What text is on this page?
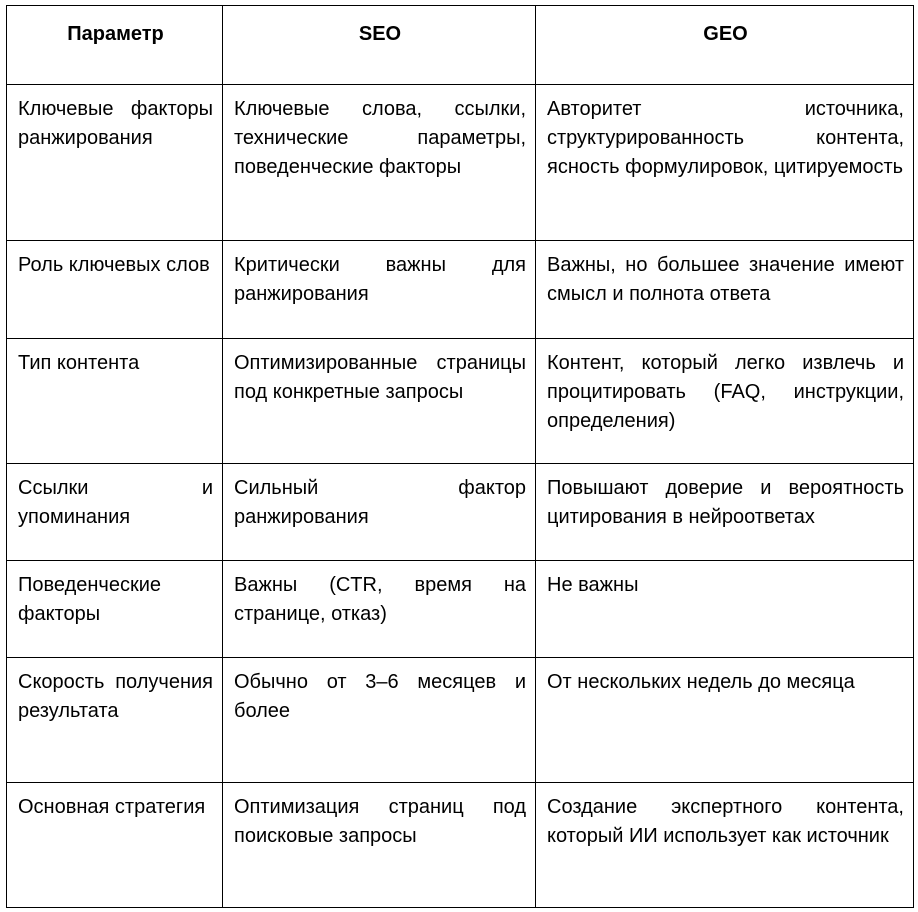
Параметр	SEO	GEO
Ключевые факторы ранжирования	Ключевые слова, ссылки, технические параметры, поведенческие факторы	Авторитет источника, структурированность контента, ясность формулировок, цитируемость
Роль ключевых слов	Критически важны для ранжирования	Важны, но большее значение имеют смысл и полнота ответа
Тип контента	Оптимизированные страницы под конкретные запросы	Контент, который легко извлечь и процитировать (FAQ, инструкции, определения)
Ссылки и упоминания	Сильный фактор ранжирования	Повышают доверие и вероятность цитирования в нейроответах
Поведенческие факторы	Важны (CTR, время на странице, отказ)	Не важны
Скорость получения результата	Обычно от 3–6 месяцев и более	От нескольких недель до месяца
Основная стратегия	Оптимизация страниц под поисковые запросы	Создание экспертного контента, который ИИ использует как источник
